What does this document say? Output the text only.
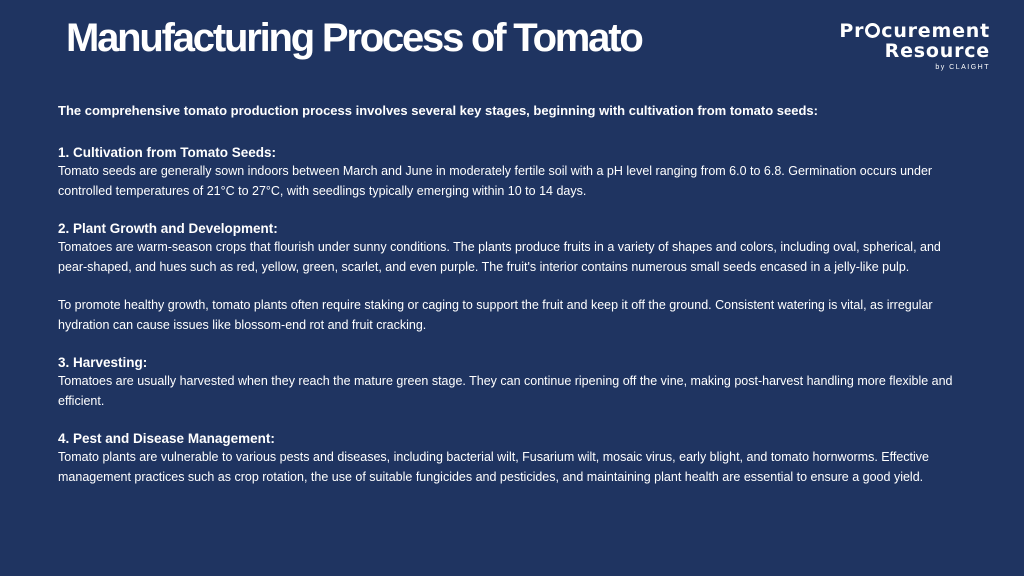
Manufacturing Process of Tomato	Pr curement
Resource
by CLAIGHT

The comprehensive tomato production process involves several key stages, beginning with cultivation from tomato seeds:

1. Cultivation from Tomato Seeds:

Tomato seeds are generally sown indoors between March and June in moderately fertile soil with a pH level ranging from 6.0 to 6.8. Germination occurs under controlled temperatures of 21°C to 27°C, with seedlings typically emerging within 10 to 14 days.

2. Plant Growth and Development:

Tomatoes are warm-season crops that flourish under sunny conditions. The plants produce fruits in a variety of shapes and colors, including oval, spherical, and pear-shaped, and hues such as red, yellow, green, scarlet, and even purple. The fruit's interior contains numerous small seeds encased in a jelly-like pulp.

To promote healthy growth, tomato plants often require staking or caging to support the fruit and keep it off the ground. Consistent watering is vital, as irregular hydration can cause issues like blossom-end rot and fruit cracking.

3. Harvesting:

Tomatoes are usually harvested when they reach the mature green stage. They can continue ripening off the vine, making post-harvest handling more flexible and efficient.

4. Pest and Disease Management:

Tomato plants are vulnerable to various pests and diseases, including bacterial wilt, Fusarium wilt, mosaic virus, early blight, and tomato hornworms. Effective management practices such as crop rotation, the use of suitable fungicides and pesticides, and maintaining plant health are essential to ensure a good yield.
